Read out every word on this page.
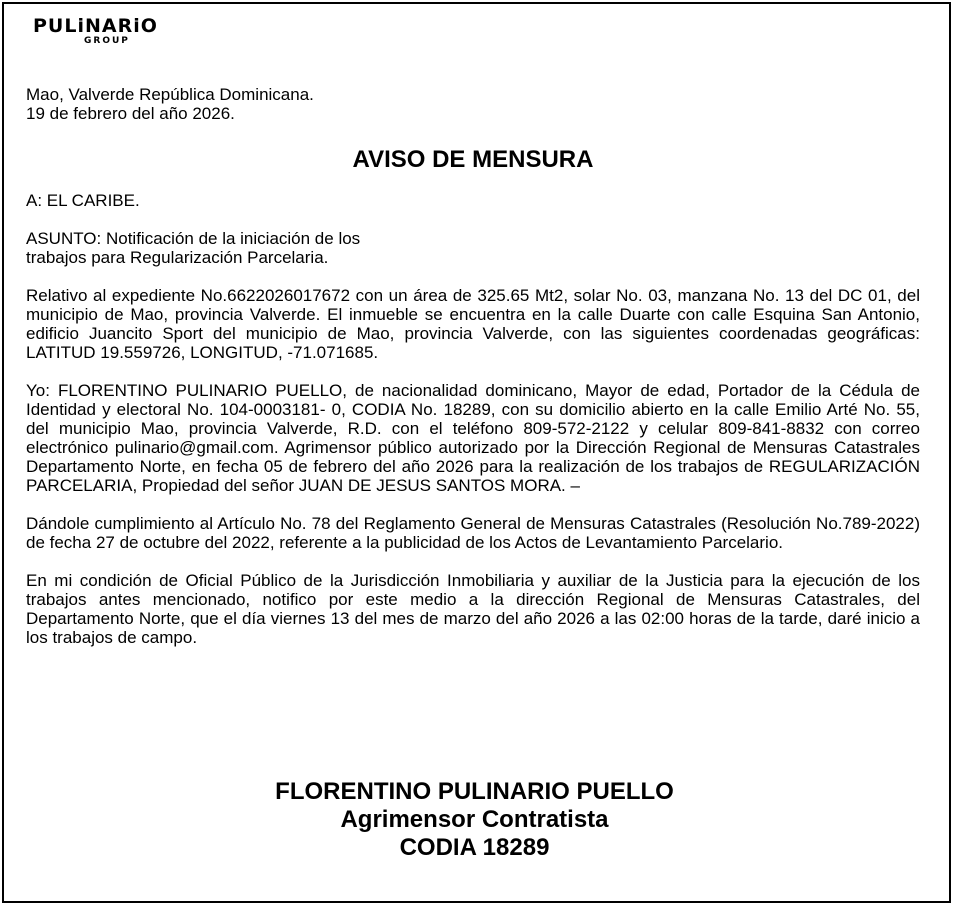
PULiNARiO
GROUP

Mao, Valverde República Dominicana.

19 de febrero del año 2026.

AVISO DE MENSURA

A: EL CARIBE.

ASUNTO: Notificación de la iniciación de los
trabajos para Regularización Parcelaria.

Relativo al expediente No.6622026017672 con un área de 325.65 Mt2, solar No. 03, manzana No. 13 del DC 01, del municipio de Mao, provincia Valverde. El inmueble se encuentra en la calle Duarte con calle Esquina San Antonio, edificio Juancito Sport del municipio de Mao, provincia Valverde, con las siguientes coordenadas geográficas: LATITUD 19.559726, LONGITUD, -71.071685.

Yo: FLORENTINO PULINARIO PUELLO, de nacionalidad dominicano, Mayor de edad, Portador de la Cédula de Identidad y electoral No. 104-0003181- 0, CODIA No. 18289, con su domicilio abierto en la calle Emilio Arté No. 55, del municipio Mao, provincia Valverde, R.D. con el teléfono 809-572-2122 y celular 809-841-8832 con correo electrónico pulinario@gmail.com. Agrimensor público autorizado por la Dirección Regional de Mensuras Catastrales Departamento Norte, en fecha 05 de febrero del año 2026 para la realización de los trabajos de REGULARIZACIÓN PARCELARIA, Propiedad del señor JUAN DE JESUS SANTOS MORA. –

Dándole cumplimiento al Artículo No. 78 del Reglamento General de Mensuras Catastrales (Resolución No.789-2022) de fecha 27 de octubre del 2022, referente a la publicidad de los Actos de Levantamiento Parcelario.

En mi condición de Oficial Público de la Jurisdicción Inmobiliaria y auxiliar de la Justicia para la ejecución de los trabajos antes mencionado, notifico por este medio a la dirección Regional de Mensuras Catastrales, del Departamento Norte, que el día viernes 13 del mes de marzo del año 2026 a las 02:00 horas de la tarde, daré inicio a los trabajos de campo.

FLORENTINO PULINARIO PUELLO
Agrimensor Contratista
CODIA 18289
